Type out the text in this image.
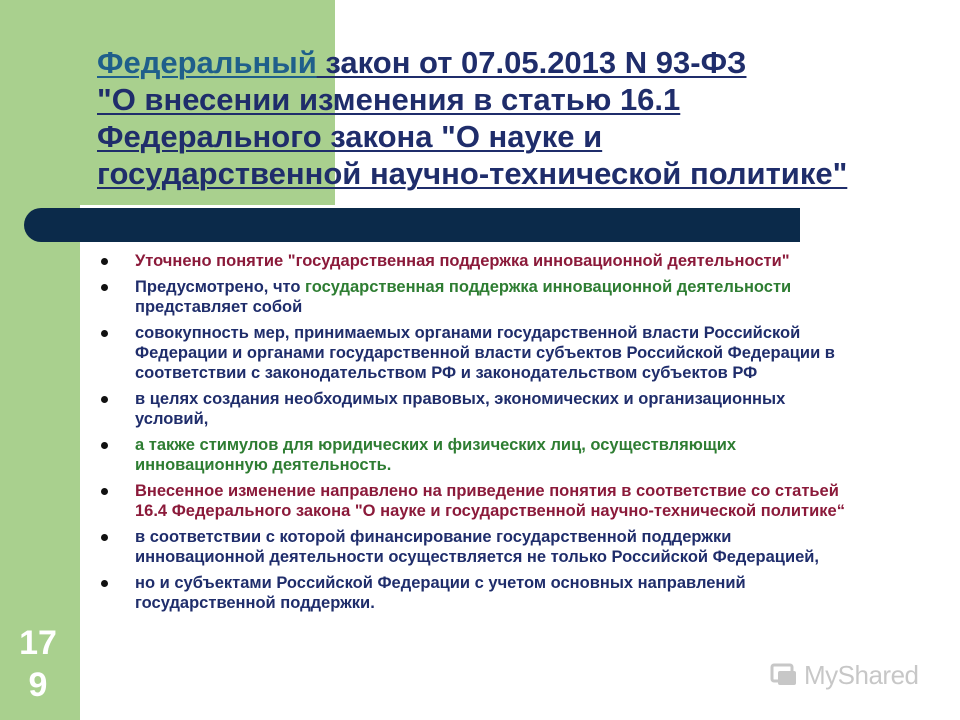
Федеральный закон от 07.05.2013 N 93-ФЗ
"О внесении изменения в статью 16.1
Федерального закона "О науке и
государственной научно-технической политике"
17
9
Уточнено понятие "государственная поддержка инновационной деятельности"
Предусмотрено, что государственная поддержка инновационной деятельности представляет собой
совокупность мер, принимаемых органами государственной власти Российской Федерации и органами государственной власти субъектов Российской Федерации в соответствии с законодательством РФ и законодательством субъектов РФ
в целях создания необходимых правовых, экономических и организационных условий,
а также стимулов для юридических и физических лиц, осуществляющих инновационную деятельность.
Внесенное изменение направлено на приведение понятия в соответствие со статьей 16.4 Федерального закона "О науке и государственной научно-технической политике“
в соответствии с которой финансирование государственной поддержки инновационной деятельности осуществляется не только Российской Федерацией,
но и субъектами Российской Федерации с учетом основных направлений государственной поддержки.
MyShared
